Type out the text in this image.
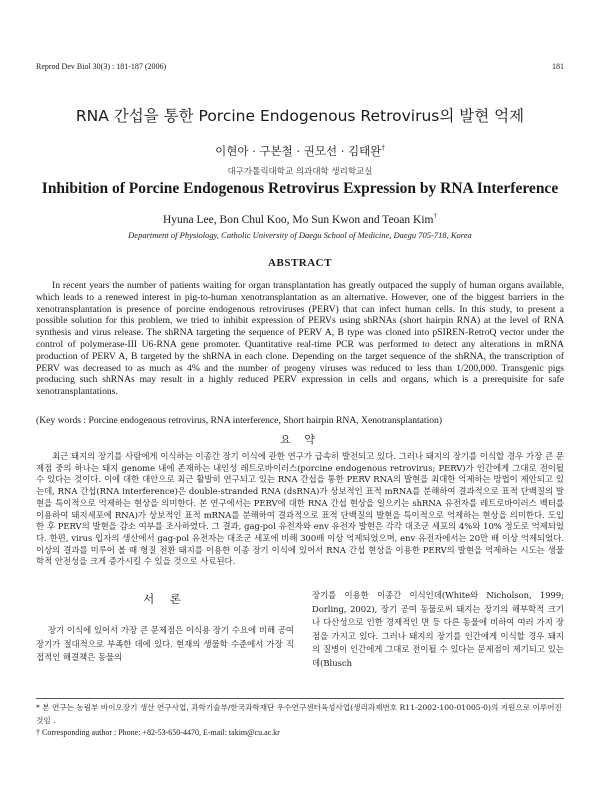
Reprod Dev Biol 30(3) : 181-187 (2006)	181
RNA 간섭을 통한 Porcine Endogenous Retrovirus의 발현 억제
이현아 · 구본철 · 권모선 · 김태완†
대구가톨릭대학교 의과대학 생리학교실
Inhibition of Porcine Endogenous Retrovirus Expression by RNA Interference
Hyuna Lee, Bon Chul Koo, Mo Sun Kwon and Teoan Kim†
Department of Physiology, Catholic University of Daegu School of Medicine, Daegu 705-718, Korea
ABSTRACT

In recent years the number of patients waiting for organ transplantation has greatly outpaced the supply of human organs available, which leads to a renewed interest in pig-to-human xenotransplantation as an alternative. However, one of the biggest barriers in the xenotransplantation is presence of porcine endogenous retroviruses (PERV) that can infect human cells. In this study, to present a possible solution for this problem, we tried to inhibit expression of PERVs using shRNAs (short hairpin RNA) at the level of RNA synthesis and virus release. The shRNA targeting the sequence of PERV A, B type was cloned into pSIREN-RetroQ vector under the control of polymerase-III U6-RNA gene promoter. Quantitative real-time PCR was performed to detect any alterations in mRNA production of PERV A, B targeted by the shRNA in each clone. Depending on the target sequence of the shRNA, the transcription of PERV was decreased to as much as 4% and the number of progeny viruses was reduced to less than 1/200,000. Transgenic pigs producing such shRNAs may result in a highly reduced PERV expression in cells and organs, which is a prerequisite for safe xenotransplantations.

(Key words : Porcine endogenous retrovirus, RNA interference, Short hairpin RNA, Xenotransplantation)

요 약

최근 돼지의 장기를 사람에게 이식하는 이종간 장기 이식에 관한 연구가 급속히 발전되고 있다. 그러나 돼지의 장기를 이식할 경우 가장 큰 문제점 중의 하나는 돼지 genome 내에 존재하는 내인성 레트로바이러스(porcine endogenous retrovirus; PERV)가 인간에게 그대로 전이될 수 있다는 것이다. 이에 대한 대안으로 최근 활발히 연구되고 있는 RNA 간섭을 통한 PERV RNA의 발현을 최대한 억제하는 방법이 제안되고 있는데, RNA 간섭(RNA interference)은 double-stranded RNA (dsRNA)가 상보적인 표적 mRNA를 분해하여 결과적으로 표적 단백질의 발현을 특이적으로 억제하는 현상을 의미한다. 본 연구에서는 PERV에 대한 RNA 간섭 현상을 일으키는 shRNA 유전자를 레트로바이러스 벡터를 이용하여 돼지세포에 RNA)가 상보적인 표적 mRNA를 분해하여 결과적으로 표적 단백질의 발현을 특이적으로 억제하는 현상을 의미한다. 도입한 후 PERV의 발현을 감소 여부를 조사하였다. 그 결과, gag-pol 유전자와 env 유전자 발현은 각각 대조군 세포의 4%와 10% 정도로 억제되었다. 한편, virus 입자의 생산에서 gag-pol 유전자는 대조군 세포에 비해 300배 이상 억제되었으며, env 유전자에서는 20만 배 이상 억제되었다. 이상의 결과를 미루어 볼 때 형질 전환 돼지를 이용한 이종 장기 이식에 있어서 RNA 간섭 현상을 이용한 PERV의 발현을 억제하는 시도는 생물학적 안전성을 크게 증가시킬 수 있을 것으로 사료된다.

서 론

장기 이식에 있어서 가장 큰 문제점은 이식용 장기 수요에 비해 공여 장기가 절대적으로 부족한 데에 있다. 현재의 생물학 수준에서 가장 직접적인 해결책은 동물의

장기를 이용한 이종간 이식인데(White와 Nicholson, 1999; Dorling, 2002), 장기 공여 동물로써 돼지는 장기의 해부학적 크기나 다산성으로 인한 경제적인 면 등 다른 동물에 비하여 여러 가지 장점을 가지고 있다. 그러나 돼지의 장기를 인간에게 이식할 경우 돼지의 질병이 인간에게 그대로 전이될 수 있다는 문제점이 제기되고 있는데(Blusch

* 본 연구는 농림부 바이오장기 생산 연구사업, 과학기술부/한국과학재단 우수연구센터육성사업(생리과제번호 R11-2002-100-01005-0)의 지원으로 이루어진 것임 .

† Corresponding author : Phone: +82-53-650-4470, E-mail: takim@cu.ac.kr
